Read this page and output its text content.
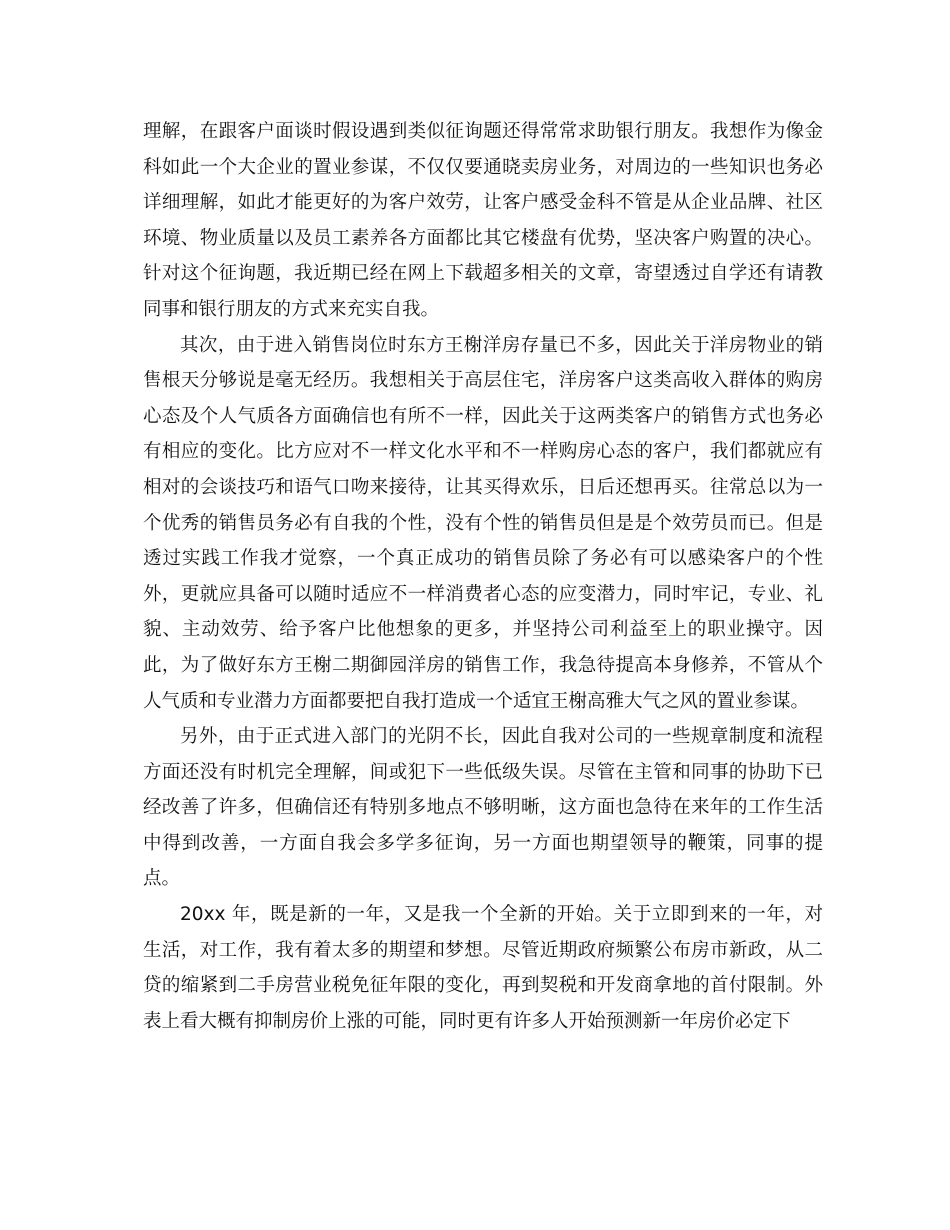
理解，在跟客户面谈时假设遇到类似征询题还得常常求助银行朋友。我想作为像金
科如此一个大企业的置业参谋，不仅仅要通晓卖房业务，对周边的一些知识也务必
详细理解，如此才能更好的为客户效劳，让客户感受金科不管是从企业品牌、社区
环境、物业质量以及员工素养各方面都比其它楼盘有优势，坚决客户购置的决心。
针对这个征询题，我近期已经在网上下载超多相关的文章，寄望透过自学还有请教
同事和银行朋友的方式来充实自我。
其次，由于进入销售岗位时东方王榭洋房存量已不多，因此关于洋房物业的销
售根天分够说是毫无经历。我想相关于高层住宅，洋房客户这类高收入群体的购房
心态及个人气质各方面确信也有所不一样，因此关于这两类客户的销售方式也务必
有相应的变化。比方应对不一样文化水平和不一样购房心态的客户，我们都就应有
相对的会谈技巧和语气口吻来接待，让其买得欢乐，日后还想再买。往常总以为一
个优秀的销售员务必有自我的个性，没有个性的销售员但是是个效劳员而已。但是
透过实践工作我才觉察，一个真正成功的销售员除了务必有可以感染客户的个性
外，更就应具备可以随时适应不一样消费者心态的应变潜力，同时牢记，专业、礼
貌、主动效劳、给予客户比他想象的更多，并坚持公司利益至上的职业操守。因
此，为了做好东方王榭二期御园洋房的销售工作，我急待提高本身修养，不管从个
人气质和专业潜力方面都要把自我打造成一个适宜王榭高雅大气之风的置业参谋。
另外，由于正式进入部门的光阴不长，因此自我对公司的一些规章制度和流程
方面还没有时机完全理解，间或犯下一些低级失误。尽管在主管和同事的协助下已
经改善了许多，但确信还有特别多地点不够明晰，这方面也急待在来年的工作生活
中得到改善，一方面自我会多学多征询，另一方面也期望领导的鞭策，同事的提
点。
20xx 年，既是新的一年，又是我一个全新的开始。关于立即到来的一年，对
生活，对工作，我有着太多的期望和梦想。尽管近期政府频繁公布房市新政，从二
贷的缩紧到二手房营业税免征年限的变化，再到契税和开发商拿地的首付限制。外
表上看大概有抑制房价上涨的可能，同时更有许多人开始预测新一年房价必定下
